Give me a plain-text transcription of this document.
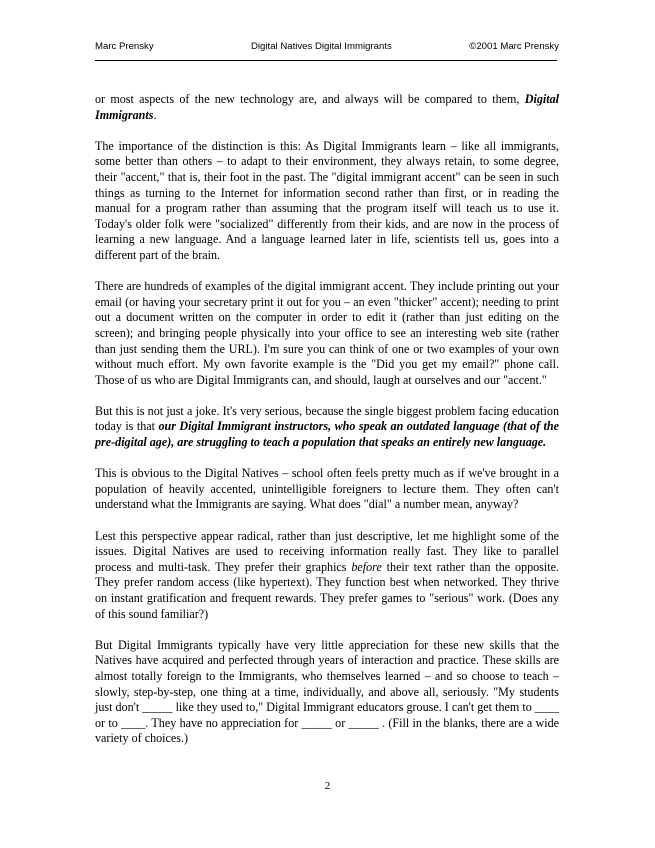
Marc Prensky	Digital Natives Digital Immigrants	©2001 Marc Prensky

or most aspects of the new technology are, and always will be compared to them, Digital Immigrants.

The importance of the distinction is this: As Digital Immigrants learn – like all immigrants, some better than others – to adapt to their environment, they always retain, to some degree, their "accent," that is, their foot in the past. The "digital immigrant accent" can be seen in such things as turning to the Internet for information second rather than first, or in reading the manual for a program rather than assuming that the program itself will teach us to use it. Today's older folk were "socialized" differently from their kids, and are now in the process of learning a new language. And a language learned later in life, scientists tell us, goes into a different part of the brain.

There are hundreds of examples of the digital immigrant accent. They include printing out your email (or having your secretary print it out for you – an even "thicker" accent); needing to print out a document written on the computer in order to edit it (rather than just editing on the screen); and bringing people physically into your office to see an interesting web site (rather than just sending them the URL). I'm sure you can think of one or two examples of your own without much effort. My own favorite example is the "Did you get my email?" phone call. Those of us who are Digital Immigrants can, and should, laugh at ourselves and our "accent."

But this is not just a joke. It's very serious, because the single biggest problem facing education today is that our Digital Immigrant instructors, who speak an outdated language (that of the pre-digital age), are struggling to teach a population that speaks an entirely new language.

This is obvious to the Digital Natives – school often feels pretty much as if we've brought in a population of heavily accented, unintelligible foreigners to lecture them. They often can't understand what the Immigrants are saying. What does "dial" a number mean, anyway?

Lest this perspective appear radical, rather than just descriptive, let me highlight some of the issues. Digital Natives are used to receiving information really fast. They like to parallel process and multi-task. They prefer their graphics before their text rather than the opposite. They prefer random access (like hypertext). They function best when networked. They thrive on instant gratification and frequent rewards. They prefer games to "serious" work. (Does any of this sound familiar?)

But Digital Immigrants typically have very little appreciation for these new skills that the Natives have acquired and perfected through years of interaction and practice. These skills are almost totally foreign to the Immigrants, who themselves learned – and so choose to teach – slowly, step-by-step, one thing at a time, individually, and above all, seriously. "My students just don't _____ like they used to," Digital Immigrant educators grouse. I can't get them to ____ or to ____. They have no appreciation for _____ or _____ . (Fill in the blanks, there are a wide variety of choices.)

2
